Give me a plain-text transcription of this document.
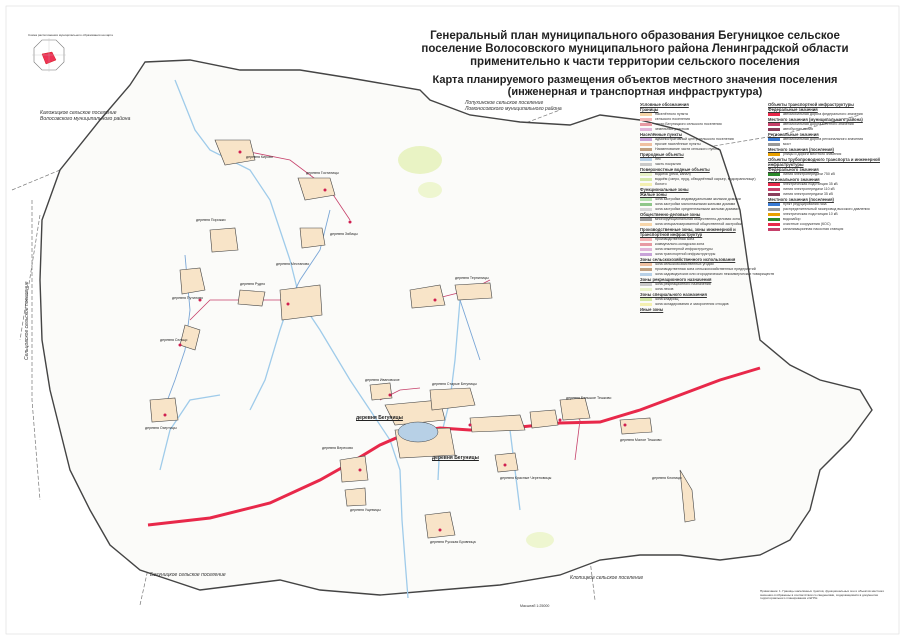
Генеральный план муниципального образования Бегуницкое сельское
поселение Волосовского муниципального района Ленинградской области
применительно к части территории сельского поселения
Карта планируемого размещения объектов местного значения поселения
(инженерная и транспортная инфраструктура)
Схема расположения муниципального образования на карте
Каложицкое сельское поселение
Волосовского муниципального района
Лопухинское сельское поселение
Ломоносовского муниципального района
Сельцовское сельское поселение
Бегуницкое сельское поселение	Клопицкое сельское поселение
деревня Кирово
деревня Гостилицы
деревня Порожки
деревня Зябицы
деревня Рудно
деревня Местаново
деревня Путилово
деревня Сельцо
деревня Терпилицы
деревня Старые Бегуницы
деревня Бегуницы
деревня Бегуницы
деревня Ивановское
деревня Вересово
деревня Ущевицы
деревня Красные Череповицы
деревня Русская Бровница
деревня Большое Тешково
деревня Малое Тешково
деревня Клопицы
деревня Озертицы
Условные обозначения
Границы
населённого пункта
сельского поселения
части Бегуницкого сельского поселения
земельных участков
Населённые пункты
административный центр сельского поселения
прочие населённые пункты
Наименование части сельского пункта
Природные объекты
лес
часть покрытия
Поверхностные водные объекты
водоток (река, канал)
водоём (озеро, пруд, обводнённый карьер, водохранилище)
болото
Функциональные зоны
Жилые зоны
зона застройки индивидуальными жилыми домами
зона застройки малоэтажными жилыми домами
зона застройки среднеэтажными жилыми домами
Общественно-деловые зоны
многофункциональная общественно-деловая зона
зона специализированной общественной застройки
Производственные зоны, зоны инженерной и транспортной инфраструктур
производственная зона
коммунально-складская зона
зона инженерной инфраструктуры
зона транспортной инфраструктуры
Зоны сельскохозяйственного использования
зона сельскохозяйственных угодий
производственная зона сельскохозяйственных предприятий
зона садоводческих или огороднических некоммерческих товариществ
Зоны рекреационного назначения
зона рекреационного назначения
зона лесов
Зоны специального назначения
зона кладбищ
зона складирования и захоронения отходов
Иные зоны
Объекты транспортной инфраструктуры
Федеральные значения
автомобильная дорога федерального значения
Местного значения (муниципального района)
автомобильная дорога местного значения
автобусная линия
Региональные значения
автомобильная дорога регионального значения
мост
Местного значения (поселения)
улицы и дороги местного значения
Объекты трубопроводного транспорта и инженерной инфраструктуры
Федерального значения
линия электропередачи 750 кВ
Регионального значения
электрическая подстанция 35 кВ
линия электропередачи 110 кВ
линия электропередачи 35 кВ
Местного значения (поселения)
пункт редуцирования газа
распределительный газопровод высокого давления
электрическая подстанция 10 кВ
водозабор
очистные сооружения (КОС)
канализационная насосная станция
Примечание: 1. Границы населённых пунктов, функциональных зон и объектов местного значения отображены в соответствии со сведениями, содержащимися в документах территориального планирования и ЕГРН.
Масштаб 1:25000
